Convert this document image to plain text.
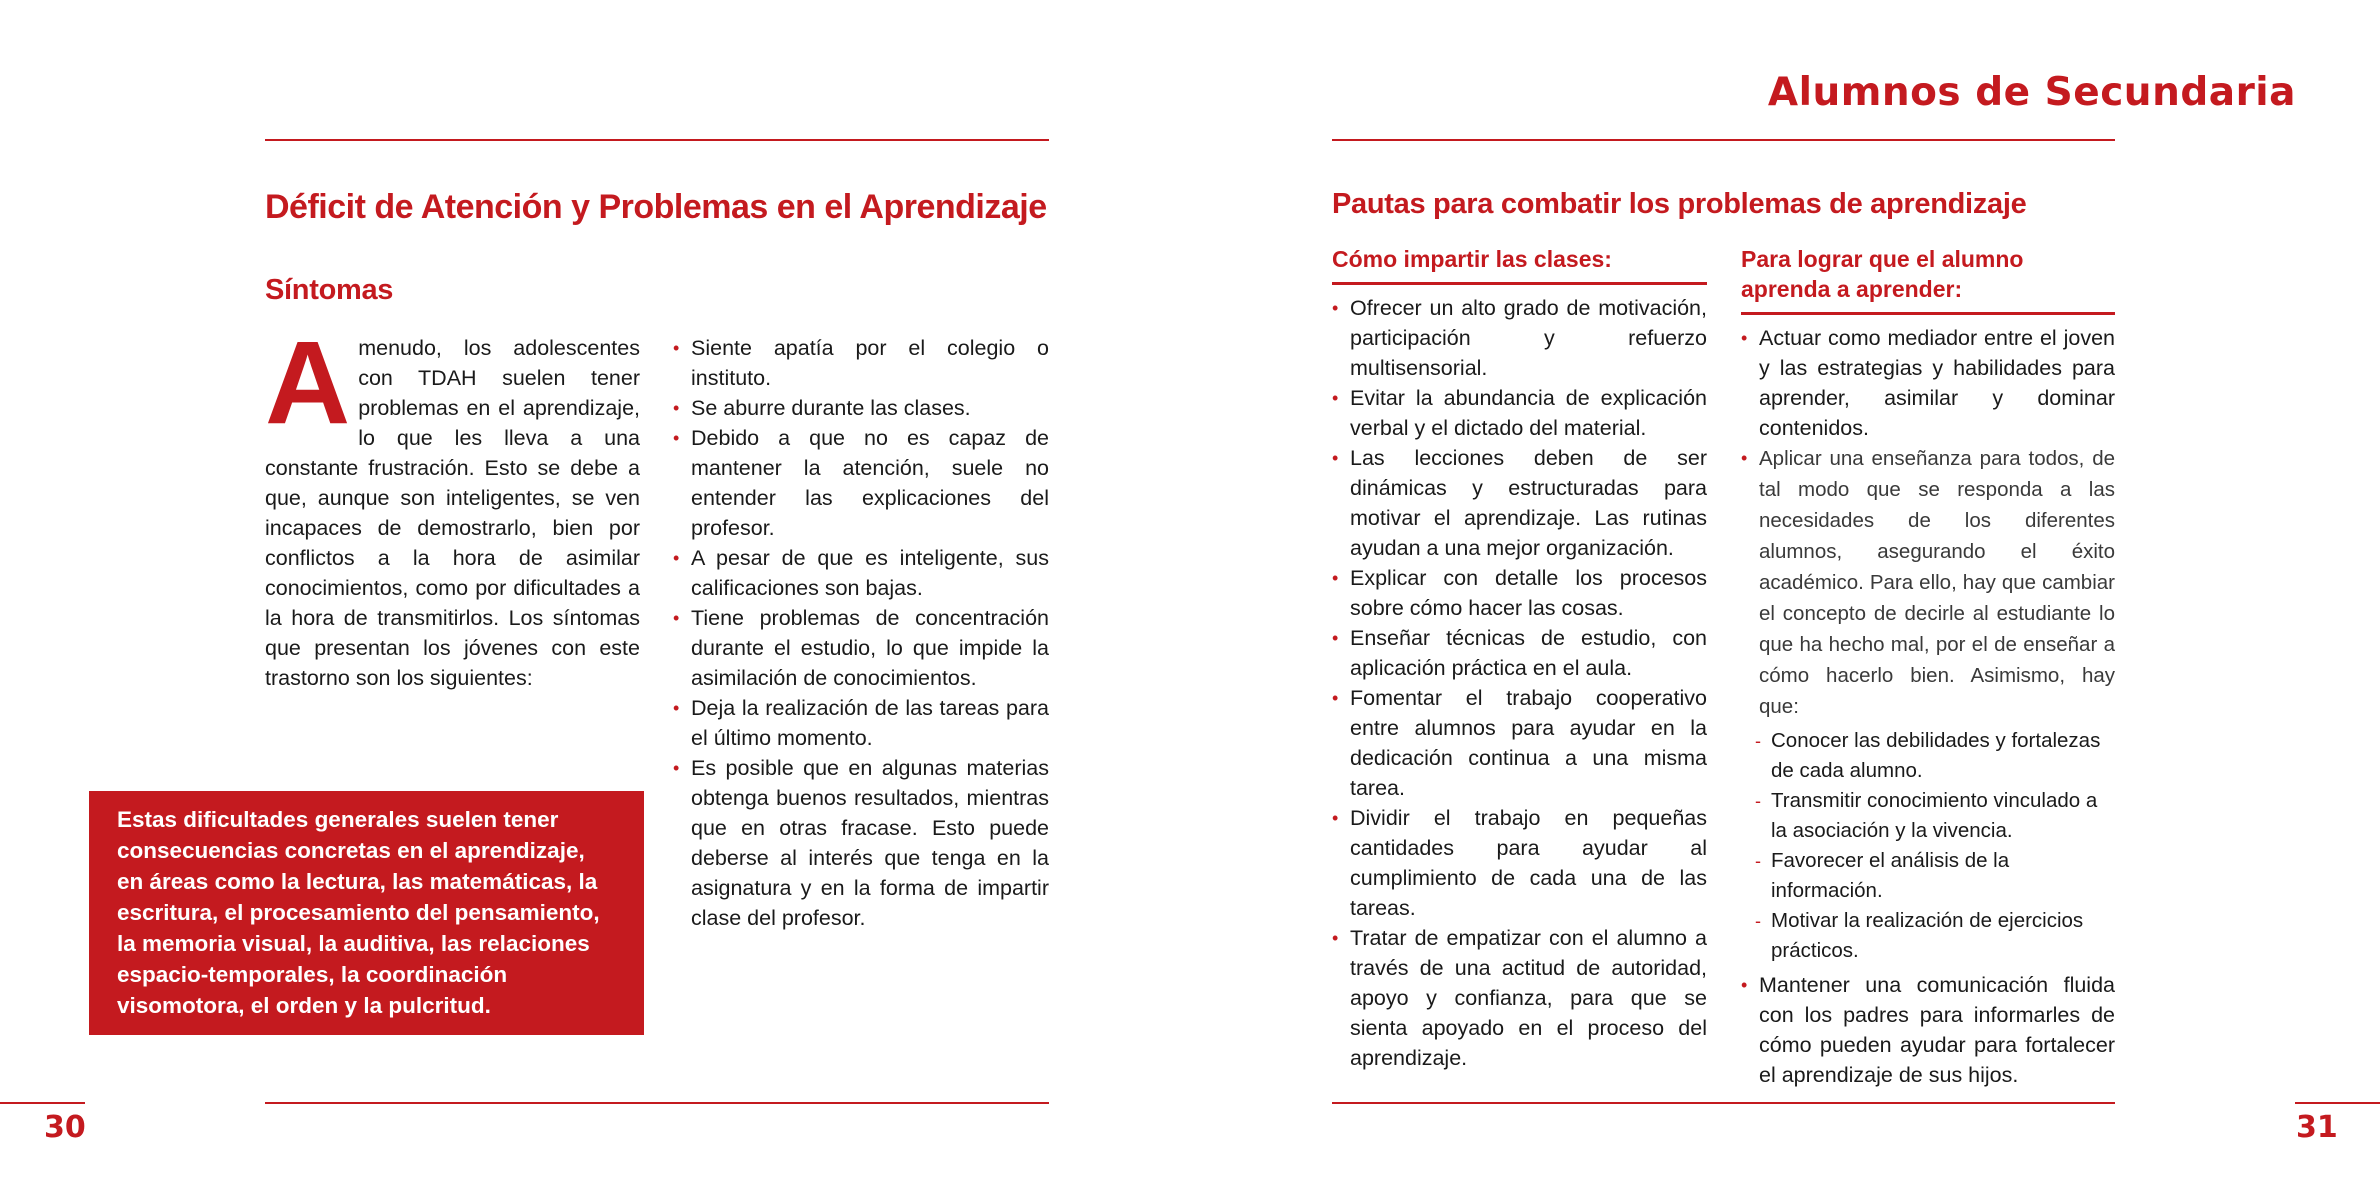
Alumnos de Secundaria
Déficit de Atención y Problemas en el Aprendizaje
Síntomas
Amenudo, los adolescentes con TDAH suelen tener problemas en el aprendizaje, lo que les lleva a una constante frustración. Esto se debe a que, aunque son inteligentes, se ven incapaces de demostrarlo, bien por conflictos a la hora de asimilar conocimientos, como por dificultades a la hora de transmitirlos. Los síntomas que presentan los jóvenes con este trastorno son los siguientes:
• Siente apatía por el colegio o instituto.
• Se aburre durante las clases.
• Debido a que no es capaz de mantener la atención, suele no entender las explicaciones del profesor.
• A pesar de que es inteligente, sus calificaciones son bajas.
• Tiene problemas de concentración durante el estudio, lo que impide la asimilación de conocimientos.
• Deja la realización de las tareas para el último momento.
• Es posible que en algunas materias obtenga buenos resultados, mientras que en otras fracase. Esto puede deberse al interés que tenga en la asignatura y en la forma de impartir clase del profesor.

Estas dificultades generales suelen tener consecuencias concretas en el aprendizaje, en áreas como la lectura, las matemáticas, la escritura, el procesamiento del pensamiento, la memoria visual, la auditiva, las relaciones espacio-temporales, la coordinación visomotora, el orden y la pulcritud.

Pautas para combatir los problemas de aprendizaje
Cómo impartir las clases:
• Ofrecer un alto grado de motivación, participación y refuerzo multisensorial.
• Evitar la abundancia de explicación verbal y el dictado del material.
• Las lecciones deben de ser dinámicas y estructuradas para motivar el aprendizaje. Las rutinas ayudan a una mejor organización.
• Explicar con detalle los procesos sobre cómo hacer las cosas.
• Enseñar técnicas de estudio, con aplicación práctica en el aula.
• Fomentar el trabajo cooperativo entre alumnos para ayudar en la dedicación continua a una misma tarea.
• Dividir el trabajo en pequeñas cantidades para ayudar al cumplimiento de cada una de las tareas.
• Tratar de empatizar con el alumno a través de una actitud de autoridad, apoyo y confianza, para que se sienta apoyado en el proceso del aprendizaje.
Para lograr que el alumno aprenda a aprender:
• Actuar como mediador entre el joven y las estrategias y habilidades para aprender, asimilar y dominar contenidos.
• Aplicar una enseñanza para todos, de tal modo que se responda a las necesidades de los diferentes alumnos, asegurando el éxito académico. Para ello, hay que cambiar el concepto de decirle al estudiante lo que ha hecho mal, por el de enseñar a cómo hacerlo bien. Asimismo, hay que:
- Conocer las debilidades y fortalezas de cada alumno.
- Transmitir conocimiento vinculado a la asociación y la vivencia.
- Favorecer el análisis de la información.
- Motivar la realización de ejercicios prácticos.
• Mantener una comunicación fluida con los padres para informarles de cómo pueden ayudar para fortalecer el aprendizaje de sus hijos.
30	31
